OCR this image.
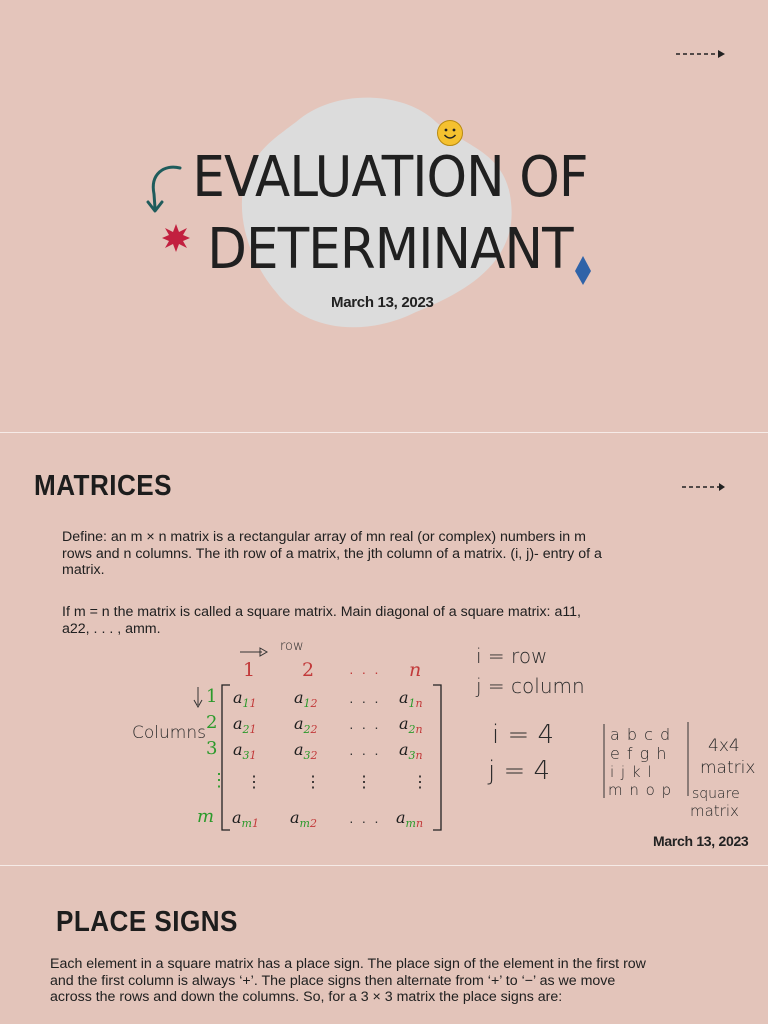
EVALUATION OF
DETERMINANT
March 13, 2023
MATRICES
Define: an m × n matrix is a rectangular array of mn real (or complex) numbers in m rows and n columns. The ith row of a matrix, the jth column of a matrix. (i, j)- entry of a matrix.
If m = n the matrix is called a square matrix. Main diagonal of a square matrix: a11, a22, . . . , amm.
row
1 2 · · · n
Columns
1
2
3
⋮
m
$a_{11}$ $a_{12}$ · · · $a_{1n}$
$a_{21}$ $a_{22}$ · · · $a_{2n}$
$a_{31}$ $a_{32}$ · · · $a_{3n}$
⋮	⋮ ⋮	⋮
$a_{m1}$ $a_{m2}$ · · · $a_{mn}$
i = row
j = column
i = 4
j = 4
a b c d
e f g h
i j k l
m n o p
4x4
matrix
square
matrix
March 13, 2023
PLACE SIGNS
Each element in a square matrix has a place sign. The place sign of the element in the first row and the first column is always ‘+’. The place signs then alternate from ‘+’ to ‘−’ as we move across the rows and down the columns. So, for a 3 × 3 matrix the place signs are:
